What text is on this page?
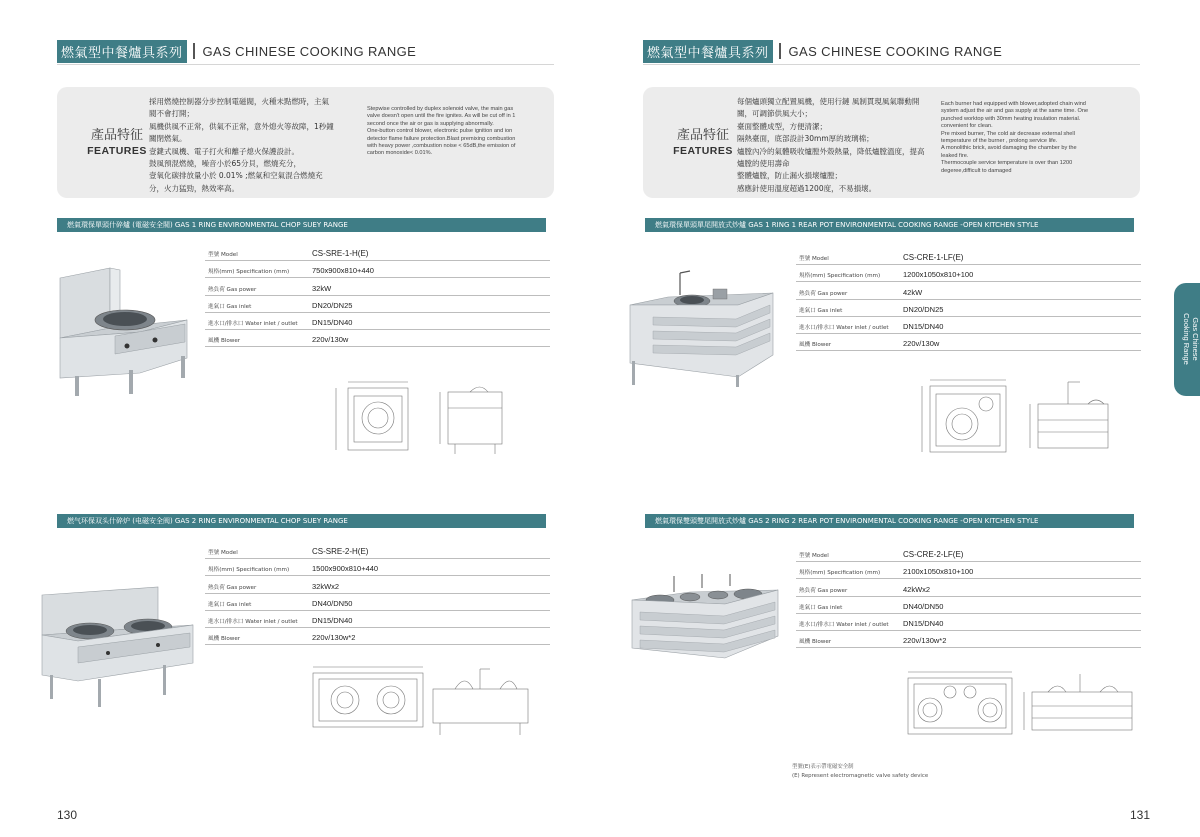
燃氣型中餐爐具系列	GAS CHINESE COOKING RANGE
產品特征
FEATURES
採用燃燒控制器分步控制電磁閥，火種未點燃時，主氣
閥不會打開；
風機供風不正常，供氣不正常，意外熄火等故障，1秒鐘
關閉燃氣。
壹鍵式風機、電子打火和離子熄火保護設計。
鼓風預混燃燒，噪音小於65分貝，燃燒充分，
壹氧化碳排放量小於 0.01% ;燃氣和空氣混合燃燒充
分，火力猛勁，熱效率高。
Stepwise controlled by duplex solenoid valve, the main gas
valve doesn't open until the fire ignites. As will be cut off in 1
second once the air or gas is supplying abnormally.
One-button control blower, electronic pulse ignition and ion
detector flame failure protection.Blast premixing combustion
with heavy power ,combustion noise < 65dB,the emission of
carbon monoxide< 0.01%.
燃氣環保單頭什碎爐 (電磁安全閥) GAS 1 RING ENVIRONMENTAL CHOP SUEY RANGE
型號 Model	CS-SRE-1-H(E)
規格(mm) Specification (mm)	750x900x810+440
熱負荷 Gas power	32kW
進氣口 Gas inlet	DN20/DN25
進水口/排水口 Water inlet / outlet	DN15/DN40
風機 Blower	220v/130w
燃气环保双头什碎炉 (电磁安全阀) GAS 2 RING ENVIRONMENTAL CHOP SUEY RANGE
型號 Model	CS-SRE-2-H(E)
規格(mm) Specification (mm)	1500x900x810+440
熱負荷 Gas power	32kWx2
進氣口 Gas inlet	DN40/DN50
進水口/排水口 Water inlet / outlet	DN15/DN40
風機 Blower	220v/130w*2
130
燃氣型中餐爐具系列	GAS CHINESE COOKING RANGE
產品特征
FEATURES
每個爐頭獨立配置風機，使用行鏈 風制貫現風氣聯動開
關，可調節供風大小；
臺面整體成型，方便清潔；
隔熱臺面，底部設計30mm厚的玻璃棉；
爐膛內冷的氣體吸收爐膛外殼熱量，降低爐膛溫度，提高
爐膛的使用壽命
整體爐膛，防止漏火損壞爐膛；
感應針使用溫度超過1200度，不易損壞。
Each burner had equipped with blower,adopted chain wind
system adjust the air and gas supply at the same time. One
punched worktop with 30mm heating insulation material.
convenient for clean.
Pre mixed burner, The cold air decrease external shell
temperature of the burner , prolong service life.
A monolithic brick, avoid damaging the chamber by the
leaked fire.
Thermocouple service temperature is over than 1200
degeree,difficult to damaged
燃氣環保單頭單尾開放式炒爐 GAS 1 RING 1 REAR POT ENVIRONMENTAL COOKING RANGE -OPEN KITCHEN STYLE
型號 Model	CS-CRE-1-LF(E)
規格(mm) Specification (mm)	1200x1050x810+100
熱負荷 Gas power	42kW
進氣口 Gas inlet	DN20/DN25
進水口/排水口 Water inlet / outlet	DN15/DN40
風機 Blower	220v/130w
燃氣環保雙頭雙尾開放式炒爐 GAS 2 RING 2 REAR POT ENVIRONMENTAL COOKING RANGE -OPEN KITCHEN STYLE
型號 Model	CS-CRE-2-LF(E)
規格(mm) Specification (mm)	2100x1050x810+100
熱負荷 Gas power	42kWx2
進氣口 Gas inlet	DN40/DN50
進水口/排水口 Water inlet / outlet	DN15/DN40
風機 Blower	220v/130w*2
型號(E)表示帶電磁安全制
(E) Represent electromagnetic valve safety device
Gas Chinese
Cooking Range
131
